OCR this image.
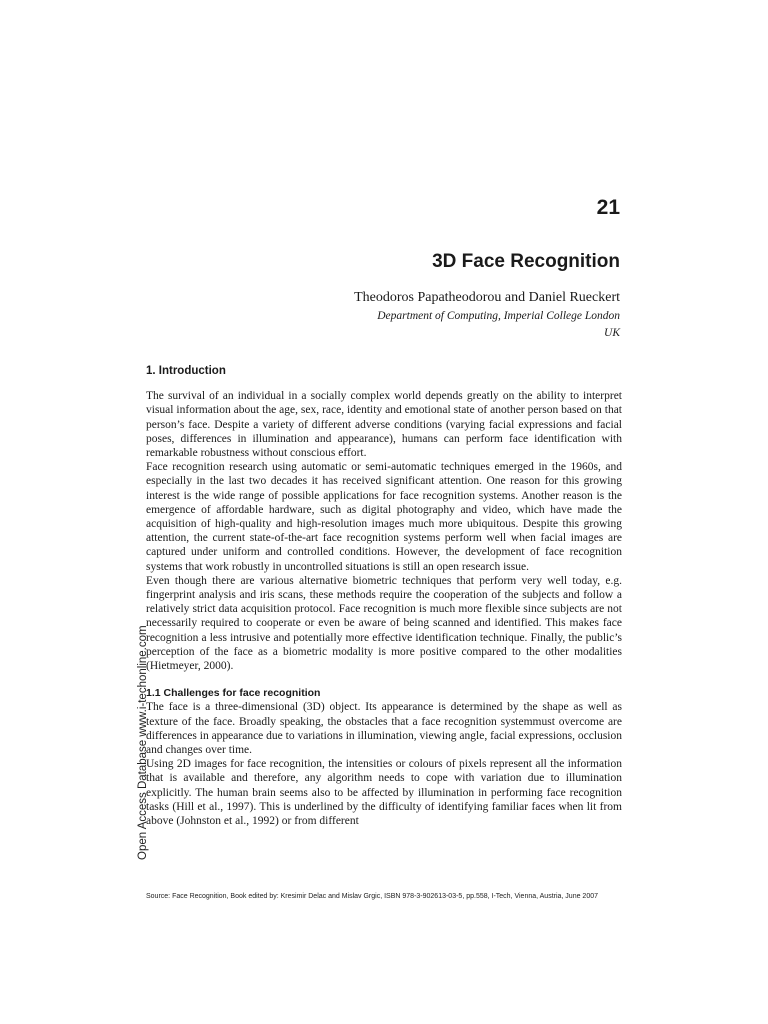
21
3D Face Recognition
Theodoros Papatheodorou and Daniel Rueckert
Department of Computing, Imperial College London
UK
Open Access Database www.i-techonline.com
1. Introduction

The survival of an individual in a socially complex world depends greatly on the ability to interpret visual information about the age, sex, race, identity and emotional state of another person based on that person’s face. Despite a variety of different adverse conditions (varying facial expressions and facial poses, differences in illumination and appearance), humans can perform face identification with remarkable robustness without conscious effort.

Face recognition research using automatic or semi-automatic techniques emerged in the 1960s, and especially in the last two decades it has received significant attention. One reason for this growing interest is the wide range of possible applications for face recognition systems. Another reason is the emergence of affordable hardware, such as digital photography and video, which have made the acquisition of high-quality and high-resolution images much more ubiquitous. Despite this growing attention, the current state-of-the-art face recognition systems perform well when facial images are captured under uniform and controlled conditions. However, the development of face recognition systems that work robustly in uncontrolled situations is still an open research issue.

Even though there are various alternative biometric techniques that perform very well today, e.g. fingerprint analysis and iris scans, these methods require the cooperation of the subjects and follow a relatively strict data acquisition protocol. Face recognition is much more flexible since subjects are not necessarily required to cooperate or even be aware of being scanned and identified. This makes face recognition a less intrusive and potentially more effective identification technique. Finally, the public’s perception of the face as a biometric modality is more positive compared to the other modalities (Hietmeyer, 2000).

1.1 Challenges for face recognition

The face is a three-dimensional (3D) object. Its appearance is determined by the shape as well as texture of the face. Broadly speaking, the obstacles that a face recognition systemmust overcome are differences in appearance due to variations in illumination, viewing angle, facial expressions, occlusion and changes over time.

Using 2D images for face recognition, the intensities or colours of pixels represent all the information that is available and therefore, any algorithm needs to cope with variation due to illumination explicitly. The human brain seems also to be affected by illumination in performing face recognition tasks (Hill et al., 1997). This is underlined by the difficulty of identifying familiar faces when lit from above (Johnston et al., 1992) or from different

Source: Face Recognition, Book edited by: Kresimir Delac and Mislav Grgic, ISBN 978-3-902613-03-5, pp.558, I-Tech, Vienna, Austria, June 2007
